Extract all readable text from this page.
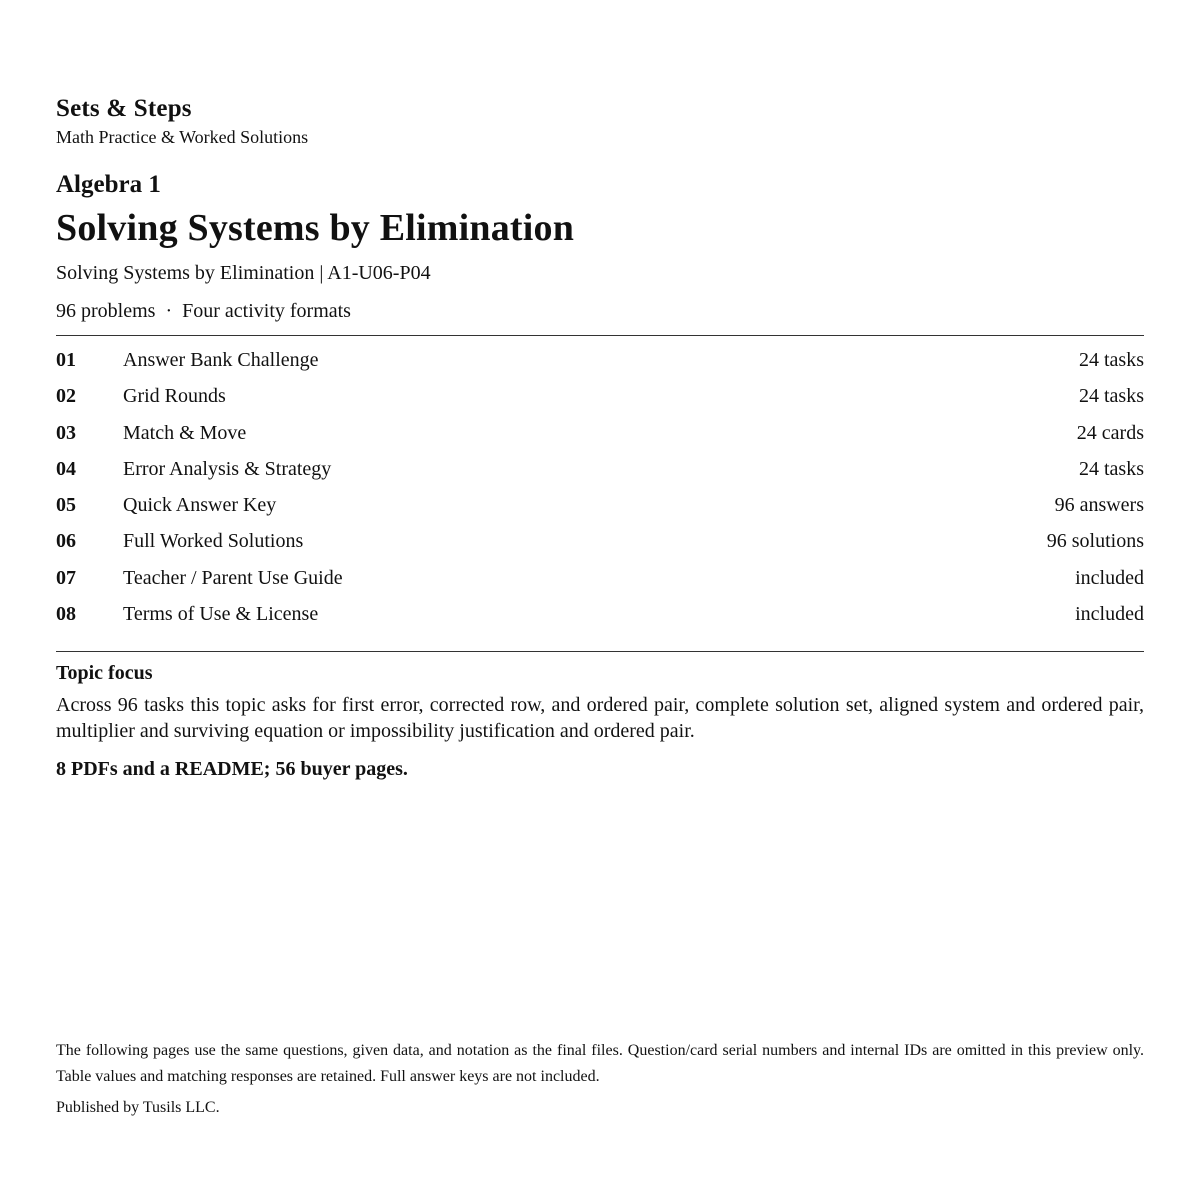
Sets & Steps
Math Practice & Worked Solutions
Algebra 1
Solving Systems by Elimination
Solving Systems by Elimination | A1-U06-P04
96 problems · Four activity formats
01 Answer Bank Challenge	24 tasks
02 Grid Rounds	24 tasks
03 Match & Move	24 cards
04 Error Analysis & Strategy	24 tasks
05 Quick Answer Key	96 answers
06 Full Worked Solutions	96 solutions
07 Teacher / Parent Use Guide	included
08 Terms of Use & License	included
Topic focus
Across 96 tasks this topic asks for first error, corrected row, and ordered pair, complete solution set, aligned system and ordered pair, multiplier and surviving equation or impossibility justification and ordered pair.
8 PDFs and a README; 56 buyer pages.
The following pages use the same questions, given data, and notation as the final files. Question/card serial numbers and internal IDs are omitted in this preview only. Table values and matching responses are retained. Full answer keys are not included.
Published by Tusils LLC.
